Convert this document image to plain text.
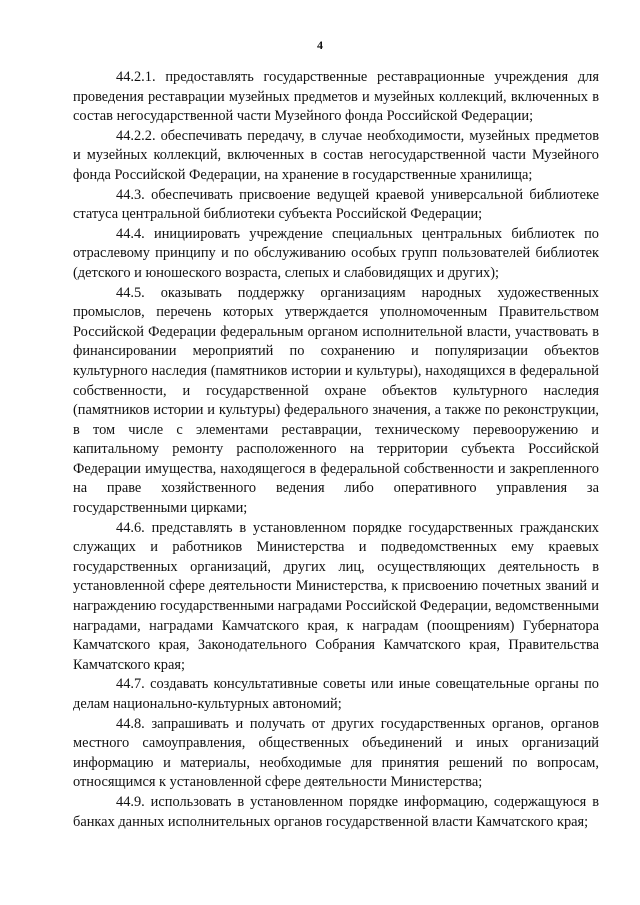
4

44.2.1. предоставлять государственные реставрационные учреждения для проведения реставрации музейных предметов и музейных коллекций, включенных в состав негосударственной части Музейного фонда Российской Федерации;

44.2.2. обеспечивать передачу, в случае необходимости, музейных предметов и музейных коллекций, включенных в состав негосударственной части Музейного фонда Российской Федерации, на хранение в государственные хранилища;

44.3. обеспечивать присвоение ведущей краевой универсальной библиотеке статуса центральной библиотеки субъекта Российской Федерации;

44.4. инициировать учреждение специальных центральных библиотек по отраслевому принципу и по обслуживанию особых групп пользователей библиотек (детского и юношеского возраста, слепых и слабовидящих и других);

44.5. оказывать поддержку организациям народных художественных промыслов, перечень которых утверждается уполномоченным Правительством Российской Федерации федеральным органом исполнительной власти, участвовать в финансировании мероприятий по сохранению и популяризации объектов культурного наследия (памятников истории и культуры), находящихся в федеральной собственности, и государственной охране объектов культурного наследия (памятников истории и культуры) федерального значения, а также по реконструкции, в том числе с элементами реставрации, техническому перевооружению и капитальному ремонту расположенного на территории субъекта Российской Федерации имущества, находящегося в федеральной собственности и закрепленного на праве хозяйственного ведения либо оперативного управления за государственными цирками;

44.6. представлять в установленном порядке государственных гражданских служащих и работников Министерства и подведомственных ему краевых государственных организаций, других лиц, осуществляющих деятельность в установленной сфере деятельности Министерства, к присвоению почетных званий и награждению государственными наградами Российской Федерации, ведомственными наградами, наградами Камчатского края, к наградам (поощрениям) Губернатора Камчатского края, Законодательного Собрания Камчатского края, Правительства Камчатского края;

44.7. создавать консультативные советы или иные совещательные органы по делам национально-культурных автономий;

44.8. запрашивать и получать от других государственных органов, органов местного самоуправления, общественных объединений и иных организаций информацию и материалы, необходимые для принятия решений по вопросам, относящимся к установленной сфере деятельности Министерства;

44.9. использовать в установленном порядке информацию, содержащуюся в банках данных исполнительных органов государственной власти Камчатского края;
